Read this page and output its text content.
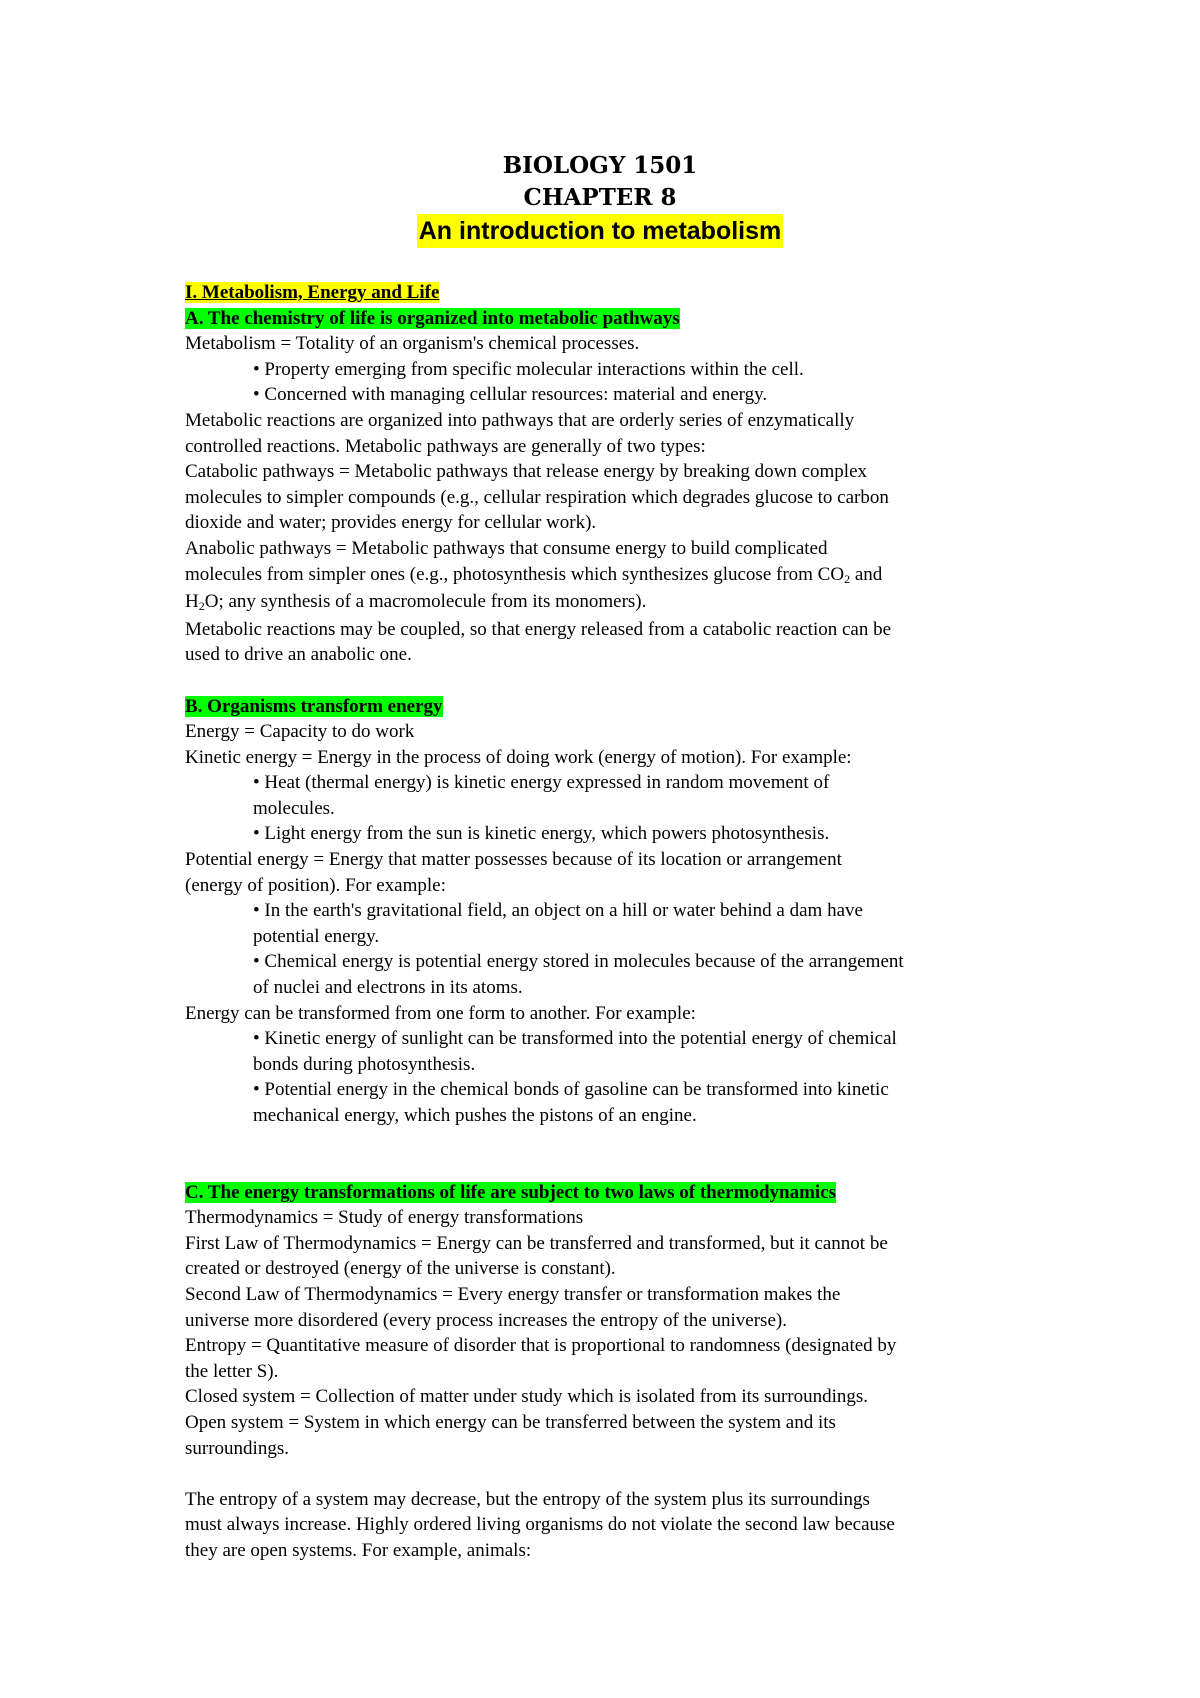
BIOLOGY 1501
CHAPTER 8
An introduction to metabolism
I. Metabolism, Energy and Life
A. The chemistry of life is organized into metabolic pathways
Metabolism = Totality of an organism's chemical processes.
• Property emerging from specific molecular interactions within the cell.
• Concerned with managing cellular resources: material and energy.
Metabolic reactions are organized into pathways that are orderly series of enzymatically
controlled reactions. Metabolic pathways are generally of two types:
Catabolic pathways = Metabolic pathways that release energy by breaking down complex
molecules to simpler compounds (e.g., cellular respiration which degrades glucose to carbon
dioxide and water; provides energy for cellular work).
Anabolic pathways = Metabolic pathways that consume energy to build complicated
molecules from simpler ones (e.g., photosynthesis which synthesizes glucose from $CO_2$ and
$H_2O$; any synthesis of a macromolecule from its monomers).
Metabolic reactions may be coupled, so that energy released from a catabolic reaction can be
used to drive an anabolic one.
B. Organisms transform energy
Energy = Capacity to do work
Kinetic energy = Energy in the process of doing work (energy of motion). For example:
• Heat (thermal energy) is kinetic energy expressed in random movement of
molecules.
• Light energy from the sun is kinetic energy, which powers photosynthesis.
Potential energy = Energy that matter possesses because of its location or arrangement
(energy of position). For example:
• In the earth's gravitational field, an object on a hill or water behind a dam have
potential energy.
• Chemical energy is potential energy stored in molecules because of the arrangement
of nuclei and electrons in its atoms.
Energy can be transformed from one form to another. For example:
• Kinetic energy of sunlight can be transformed into the potential energy of chemical
bonds during photosynthesis.
• Potential energy in the chemical bonds of gasoline can be transformed into kinetic
mechanical energy, which pushes the pistons of an engine.
C. The energy transformations of life are subject to two laws of thermodynamics
Thermodynamics = Study of energy transformations
First Law of Thermodynamics = Energy can be transferred and transformed, but it cannot be
created or destroyed (energy of the universe is constant).
Second Law of Thermodynamics = Every energy transfer or transformation makes the
universe more disordered (every process increases the entropy of the universe).
Entropy = Quantitative measure of disorder that is proportional to randomness (designated by
the letter S).
Closed system = Collection of matter under study which is isolated from its surroundings.
Open system = System in which energy can be transferred between the system and its
surroundings.
The entropy of a system may decrease, but the entropy of the system plus its surroundings
must always increase. Highly ordered living organisms do not violate the second law because
they are open systems. For example, animals:
